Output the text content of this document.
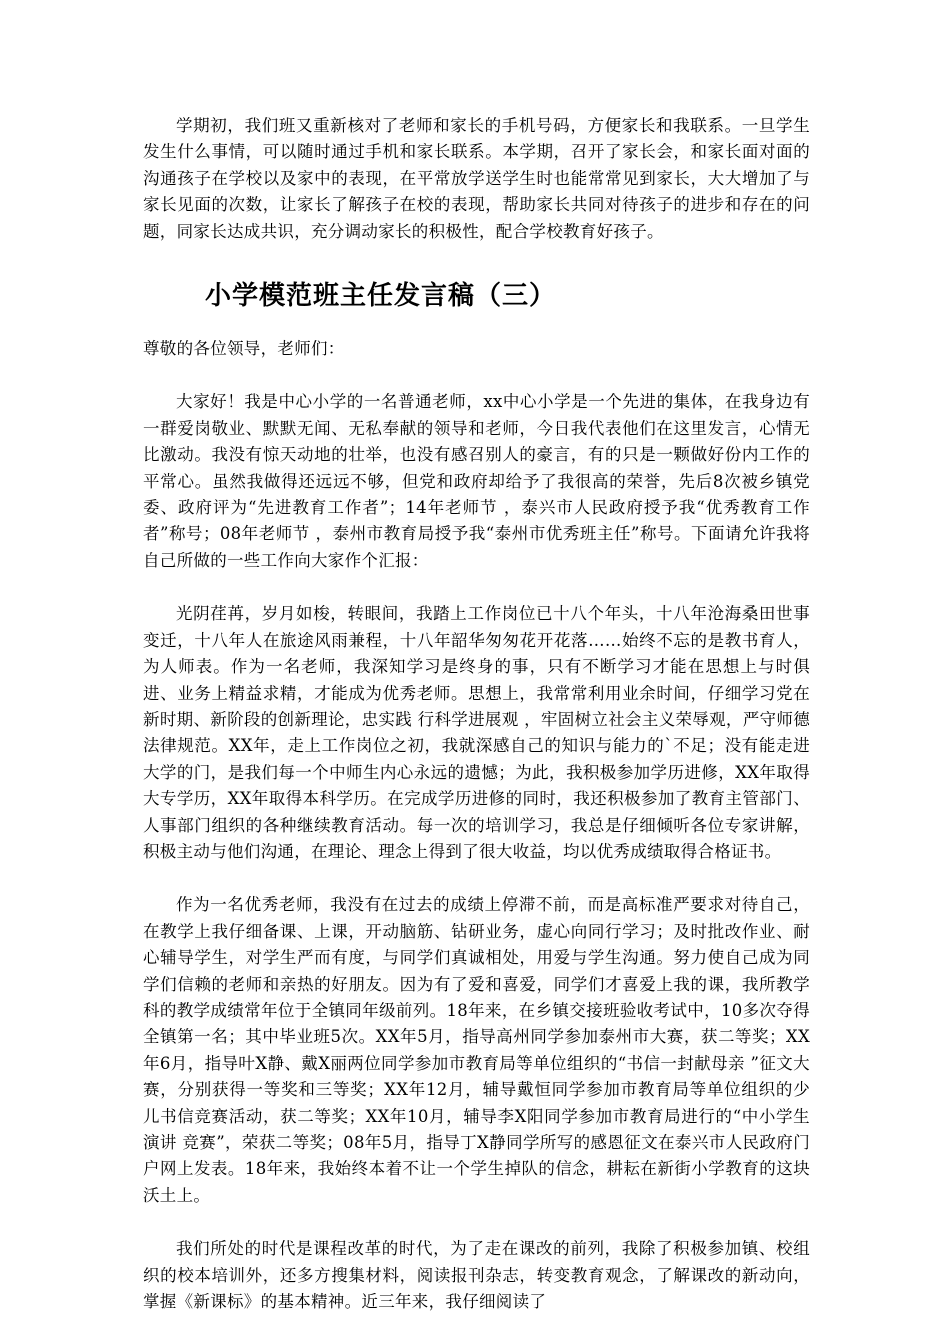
学期初，我们班又重新核对了老师和家长的手机号码，方便家长和我联系。一旦学生发生什么事情，可以随时通过手机和家长联系。本学期，召开了家长会，和家长面对面的沟通孩子在学校以及家中的表现，在平常放学送学生时也能常常见到家长，大大增加了与家长见面的次数，让家长了解孩子在校的表现，帮助家长共同对待孩子的进步和存在的问题，同家长达成共识，充分调动家长的积极性，配合学校教育好孩子。

小学模范班主任发言稿（三）

尊敬的各位领导，老师们：

大家好！我是中心小学的一名普通老师，xx中心小学是一个先进的集体，在我身边有一群爱岗敬业、默默无闻、无私奉献的领导和老师，今日我代表他们在这里发言，心情无比激动。我没有惊天动地的壮举，也没有感召别人的豪言，有的只是一颗做好份内工作的平常心。虽然我做得还远远不够，但党和政府却给予了我很高的荣誉，先后8次被乡镇党委、政府评为“先进教育工作者”；14年老师节 ，泰兴市人民政府授予我“优秀教育工作者”称号；08年老师节 ，泰州市教育局授予我“泰州市优秀班主任”称号。下面请允许我将自己所做的一些工作向大家作个汇报：

光阴荏苒，岁月如梭，转眼间，我踏上工作岗位已十八个年头，十八年沧海桑田世事变迁，十八年人在旅途风雨兼程，十八年韶华匆匆花开花落……始终不忘的是教书育人，为人师表。作为一名老师，我深知学习是终身的事，只有不断学习才能在思想上与时俱进、业务上精益求精，才能成为优秀老师。思想上，我常常利用业余时间，仔细学习党在新时期、新阶段的创新理论，忠实践 行科学进展观 ，牢固树立社会主义荣辱观，严守师德法律规范。XX年，走上工作岗位之初，我就深感自己的知识与能力的`不足；没有能走进大学的门，是我们每一个中师生内心永远的遗憾；为此，我积极参加学历进修，XX年取得大专学历，XX年取得本科学历。在完成学历进修的同时，我还积极参加了教育主管部门、人事部门组织的各种继续教育活动。每一次的培训学习，我总是仔细倾听各位专家讲解，积极主动与他们沟通，在理论、理念上得到了很大收益，均以优秀成绩取得合格证书。

作为一名优秀老师，我没有在过去的成绩上停滞不前，而是高标准严要求对待自己，在教学上我仔细备课、上课，开动脑筋、钻研业务，虚心向同行学习；及时批改作业、耐心辅导学生，对学生严而有度，与同学们真诚相处，用爱与学生沟通。努力使自己成为同学们信赖的老师和亲热的好朋友。因为有了爱和喜爱，同学们才喜爱上我的课，我所教学科的教学成绩常年位于全镇同年级前列。18年来，在乡镇交接班验收考试中，10多次夺得全镇第一名；其中毕业班5次。XX年5月，指导高州同学参加泰州市大赛，获二等奖；XX年6月，指导叶X静、戴X丽两位同学参加市教育局等单位组织的“书信一封献母亲 ”征文大赛，分别获得一等奖和三等奖；XX年12月，辅导戴恒同学参加市教育局等单位组织的少儿书信竞赛活动，获二等奖；XX年10月，辅导李X阳同学参加市教育局进行的“中小学生演讲 竞赛”，荣获二等奖；08年5月，指导丁X静同学所写的感恩征文在泰兴市人民政府门户网上发表。18年来，我始终本着不让一个学生掉队的信念，耕耘在新街小学教育的这块沃土上。

我们所处的时代是课程改革的时代，为了走在课改的前列，我除了积极参加镇、校组织的校本培训外，还多方搜集材料，阅读报刊杂志，转变教育观念，了解课改的新动向，掌握《新课标》的基本精神。近三年来，我仔细阅读了
